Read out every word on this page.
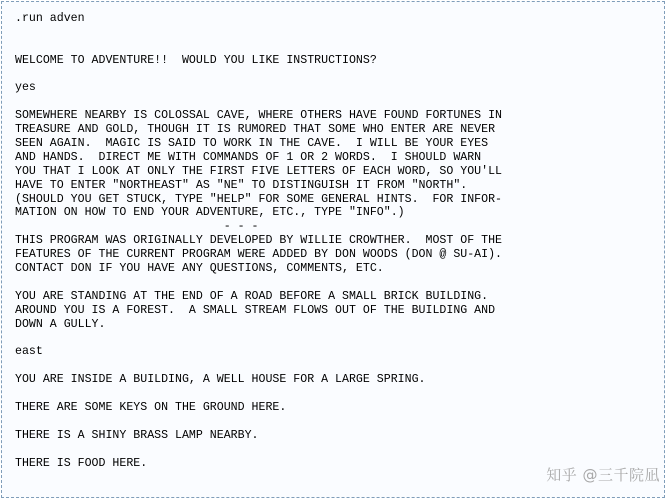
.run adven
WELCOME TO ADVENTURE!!  WOULD YOU LIKE INSTRUCTIONS?
yes
SOMEWHERE NEARBY IS COLOSSAL CAVE, WHERE OTHERS HAVE FOUND FORTUNES IN
TREASURE AND GOLD, THOUGH IT IS RUMORED THAT SOME WHO ENTER ARE NEVER
SEEN AGAIN.  MAGIC IS SAID TO WORK IN THE CAVE.  I WILL BE YOUR EYES
AND HANDS.  DIRECT ME WITH COMMANDS OF 1 OR 2 WORDS.  I SHOULD WARN
YOU THAT I LOOK AT ONLY THE FIRST FIVE LETTERS OF EACH WORD, SO YOU'LL
HAVE TO ENTER "NORTHEAST" AS "NE" TO DISTINGUISH IT FROM "NORTH".
(SHOULD YOU GET STUCK, TYPE "HELP" FOR SOME GENERAL HINTS.  FOR INFOR-
MATION ON HOW TO END YOUR ADVENTURE, ETC., TYPE "INFO".)
- - -
THIS PROGRAM WAS ORIGINALLY DEVELOPED BY WILLIE CROWTHER.  MOST OF THE
FEATURES OF THE CURRENT PROGRAM WERE ADDED BY DON WOODS (DON @ SU-AI).
CONTACT DON IF YOU HAVE ANY QUESTIONS, COMMENTS, ETC.
YOU ARE STANDING AT THE END OF A ROAD BEFORE A SMALL BRICK BUILDING.
AROUND YOU IS A FOREST.  A SMALL STREAM FLOWS OUT OF THE BUILDING AND
DOWN A GULLY.
east
YOU ARE INSIDE A BUILDING, A WELL HOUSE FOR A LARGE SPRING.
THERE ARE SOME KEYS ON THE GROUND HERE.
THERE IS A SHINY BRASS LAMP NEARBY.
THERE IS FOOD HERE.
知乎 @三千院凪
